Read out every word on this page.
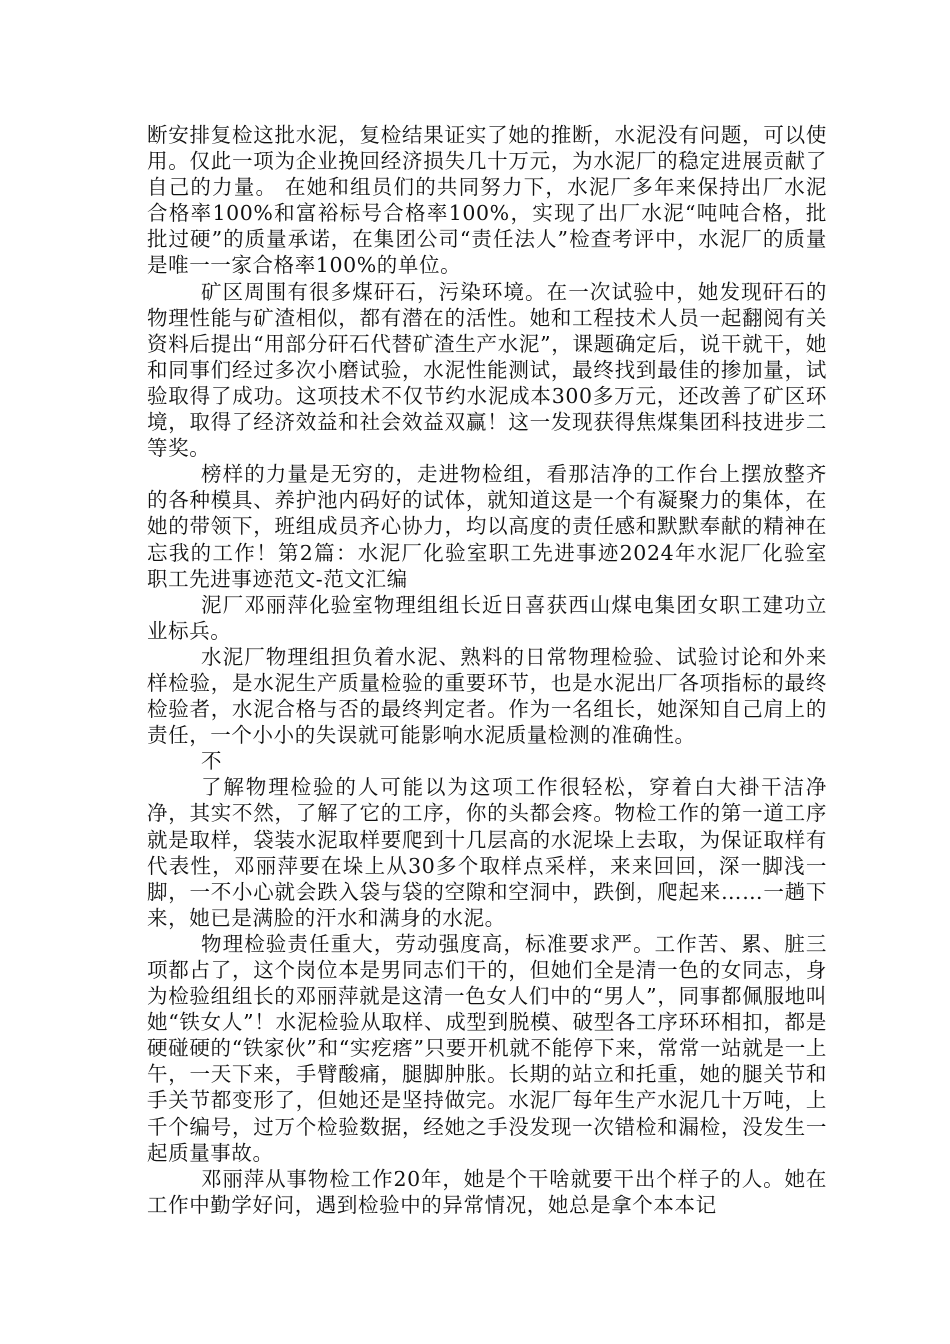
断安排复检这批水泥，复检结果证实了她的推断，水泥没有问题，可以使用。仅此一项为企业挽回经济损失几十万元，为水泥厂的稳定进展贡献了自己的力量。 在她和组员们的共同努力下，水泥厂多年来保持出厂水泥合格率100%和富裕标号合格率100%，实现了出厂水泥“吨吨合格，批批过硬”的质量承诺，在集团公司“责任法人”检查考评中，水泥厂的质量是唯一一家合格率100%的单位。

矿区周围有很多煤矸石，污染环境。在一次试验中，她发现矸石的物理性能与矿渣相似，都有潜在的活性。她和工程技术人员一起翻阅有关资料后提出“用部分矸石代替矿渣生产水泥”，课题确定后，说干就干，她和同事们经过多次小磨试验，水泥性能测试，最终找到最佳的掺加量，试验取得了成功。这项技术不仅节约水泥成本300多万元，还改善了矿区环境，取得了经济效益和社会效益双赢！这一发现获得焦煤集团科技进步二等奖。

榜样的力量是无穷的，走进物检组，看那洁净的工作台上摆放整齐的各种模具、养护池内码好的试体，就知道这是一个有凝聚力的集体，在她的带领下，班组成员齐心协力，均以高度的责任感和默默奉献的精神在忘我的工作！第2篇：水泥厂化验室职工先进事迹2024年水泥厂化验室职工先进事迹范文-范文汇编

泥厂邓丽萍化验室物理组组长近日喜获西山煤电集团女职工建功立业标兵。

水泥厂物理组担负着水泥、熟料的日常物理检验、试验讨论和外来样检验，是水泥生产质量检验的重要环节，也是水泥出厂各项指标的最终检验者，水泥合格与否的最终判定者。作为一名组长，她深知自己肩上的责任，一个小小的失误就可能影响水泥质量检测的准确性。

不

了解物理检验的人可能以为这项工作很轻松，穿着白大褂干洁净净，其实不然，了解了它的工序，你的头都会疼。物检工作的第一道工序就是取样，袋装水泥取样要爬到十几层高的水泥垛上去取，为保证取样有代表性，邓丽萍要在垛上从30多个取样点采样，来来回回，深一脚浅一脚，一不小心就会跌入袋与袋的空隙和空洞中，跌倒，爬起来……一趟下来，她已是满脸的汗水和满身的水泥。

物理检验责任重大，劳动强度高，标准要求严。工作苦、累、脏三项都占了，这个岗位本是男同志们干的，但她们全是清一色的女同志，身为检验组组长的邓丽萍就是这清一色女人们中的“男人”，同事都佩服地叫她“铁女人”！水泥检验从取样、成型到脱模、破型各工序环环相扣，都是硬碰硬的“铁家伙”和“实疙瘩”只要开机就不能停下来，常常一站就是一上午，一天下来，手臂酸痛，腿脚肿胀。长期的站立和托重，她的腿关节和手关节都变形了，但她还是坚持做完。水泥厂每年生产水泥几十万吨，上千个编号，过万个检验数据，经她之手没发现一次错检和漏检，没发生一起质量事故。

邓丽萍从事物检工作20年，她是个干啥就要干出个样子的人。她在工作中勤学好问，遇到检验中的异常情况，她总是拿个本本记
